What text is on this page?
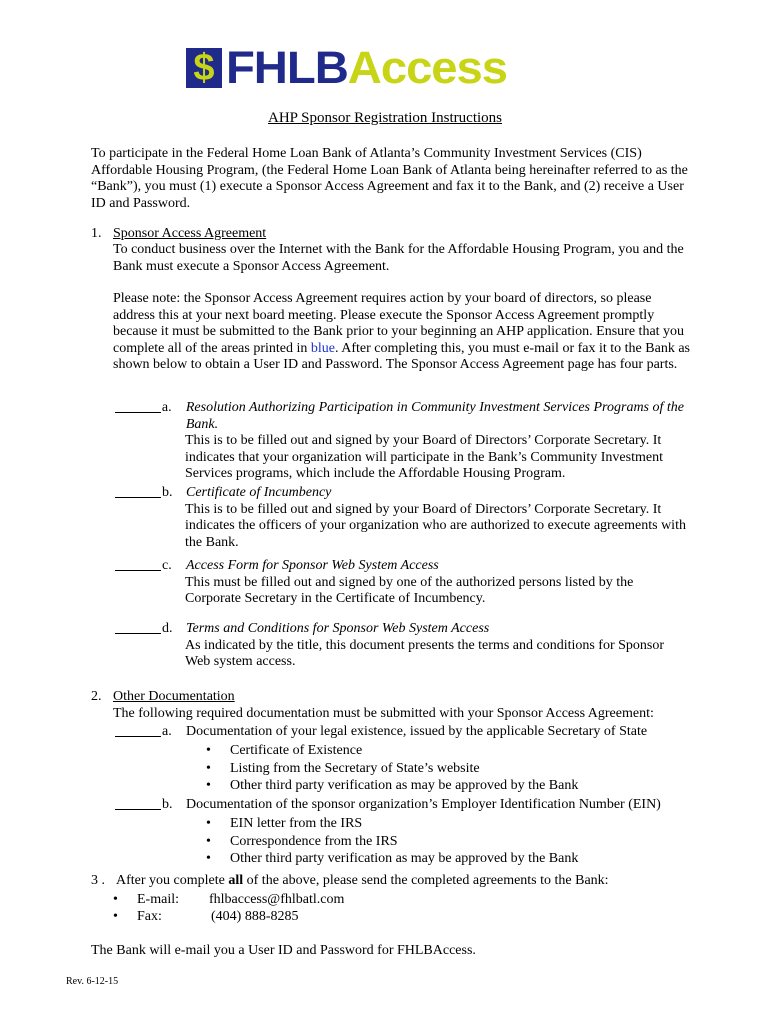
$ FHLBAccess
AHP Sponsor Registration Instructions
To participate in the Federal Home Loan Bank of Atlanta’s Community Investment Services (CIS) Affordable Housing Program, (the Federal Home Loan Bank of Atlanta being hereinafter referred to as the “Bank”), you must (1) execute a Sponsor Access Agreement and fax it to the Bank, and (2) receive a User ID and Password.
1. Sponsor Access Agreement
To conduct business over the Internet with the Bank for the Affordable Housing Program, you and the Bank must execute a Sponsor Access Agreement.
Please note: the Sponsor Access Agreement requires action by your board of directors, so please address this at your next board meeting. Please execute the Sponsor Access Agreement promptly because it must be submitted to the Bank prior to your beginning an AHP application. Ensure that you complete all of the areas printed in blue. After completing this, you must e-mail or fax it to the Bank as shown below to obtain a User ID and Password. The Sponsor Access Agreement page has four parts.
a.	Resolution Authorizing Participation in Community Investment Services Programs of the Bank.
This is to be filled out and signed by your Board of Directors’ Corporate Secretary. It indicates that your organization will participate in the Bank’s Community Investment Services programs, which include the Affordable Housing Program.
b. Certificate of Incumbency
This is to be filled out and signed by your Board of Directors’ Corporate Secretary. It indicates the officers of your organization who are authorized to execute agreements with the Bank.
c.	Access Form for Sponsor Web System Access
This must be filled out and signed by one of the authorized persons listed by the Corporate Secretary in the Certificate of Incumbency.
d. Terms and Conditions for Sponsor Web System Access
As indicated by the title, this document presents the terms and conditions for Sponsor Web system access.
2. Other Documentation
The following required documentation must be submitted with your Sponsor Access Agreement:
a.	Documentation of your legal existence, issued by the applicable Secretary of State
•	Certificate of Existence
•	Listing from the Secretary of State’s website
•	Other third party verification as may be approved by the Bank
b. Documentation of the sponsor organization’s Employer Identification Number (EIN)
•	EIN letter from the IRS
•	Correspondence from the IRS
•	Other third party verification as may be approved by the Bank
3 . After you complete all of the above, please send the completed agreements to the Bank:
•	E-mail:	fhlbaccess@fhlbatl.com
•	Fax:	(404) 888-8285
The Bank will e-mail you a User ID and Password for FHLBAccess.
Rev. 6-12-15
